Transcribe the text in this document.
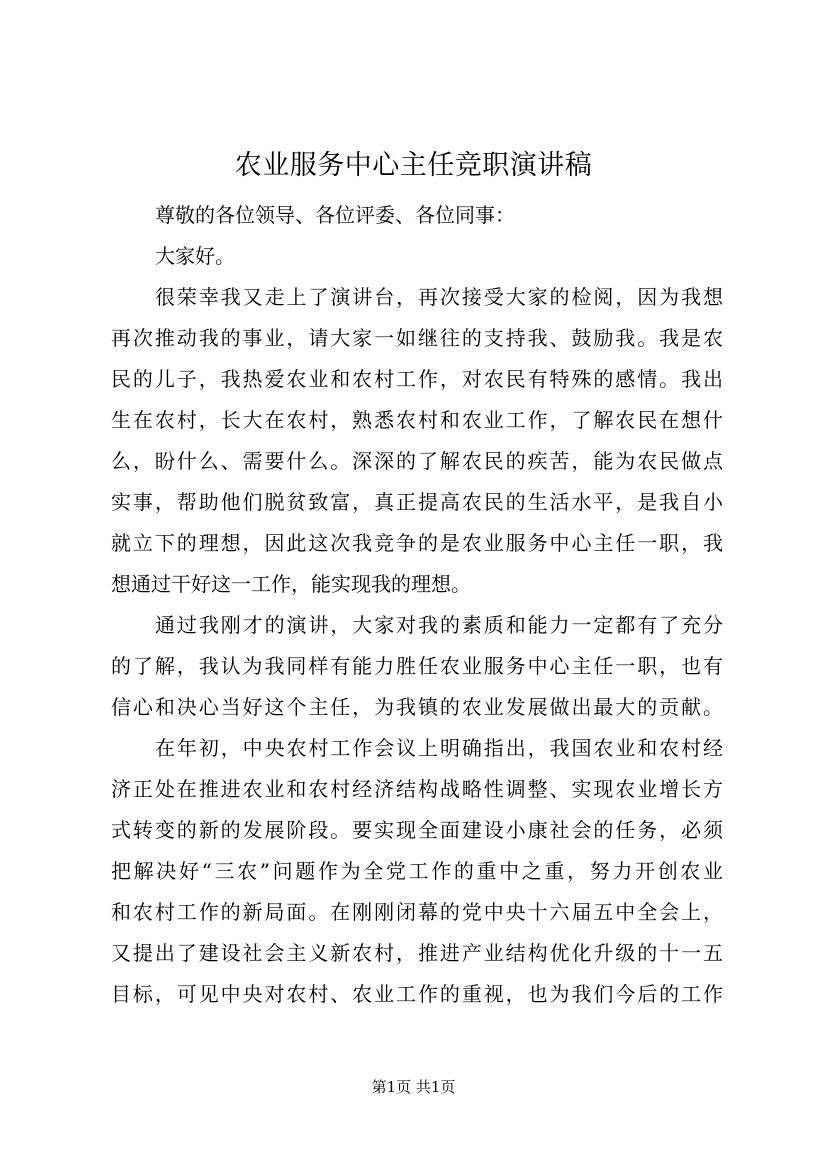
农业服务中心主任竞职演讲稿
尊敬的各位领导、各位评委、各位同事：
大家好。
很荣幸我又走上了演讲台，再次接受大家的检阅，因为我想
再次推动我的事业，请大家一如继往的支持我、鼓励我。我是农
民的儿子，我热爱农业和农村工作，对农民有特殊的感情。我出
生在农村，长大在农村，熟悉农村和农业工作，了解农民在想什
么，盼什么、需要什么。深深的了解农民的疾苦，能为农民做点
实事，帮助他们脱贫致富，真正提高农民的生活水平，是我自小
就立下的理想，因此这次我竞争的是农业服务中心主任一职，我
想通过干好这一工作，能实现我的理想。
通过我刚才的演讲，大家对我的素质和能力一定都有了充分
的了解，我认为我同样有能力胜任农业服务中心主任一职，也有
信心和决心当好这个主任，为我镇的农业发展做出最大的贡献。
在年初，中央农村工作会议上明确指出，我国农业和农村经
济正处在推进农业和农村经济结构战略性调整、实现农业增长方
式转变的新的发展阶段。要实现全面建设小康社会的任务，必须
把解决好“三农”问题作为全党工作的重中之重，努力开创农业
和农村工作的新局面。在刚刚闭幕的党中央十六届五中全会上，
又提出了建设社会主义新农村，推进产业结构优化升级的十一五
目标，可见中央对农村、农业工作的重视，也为我们今后的工作
第1页 共1页
